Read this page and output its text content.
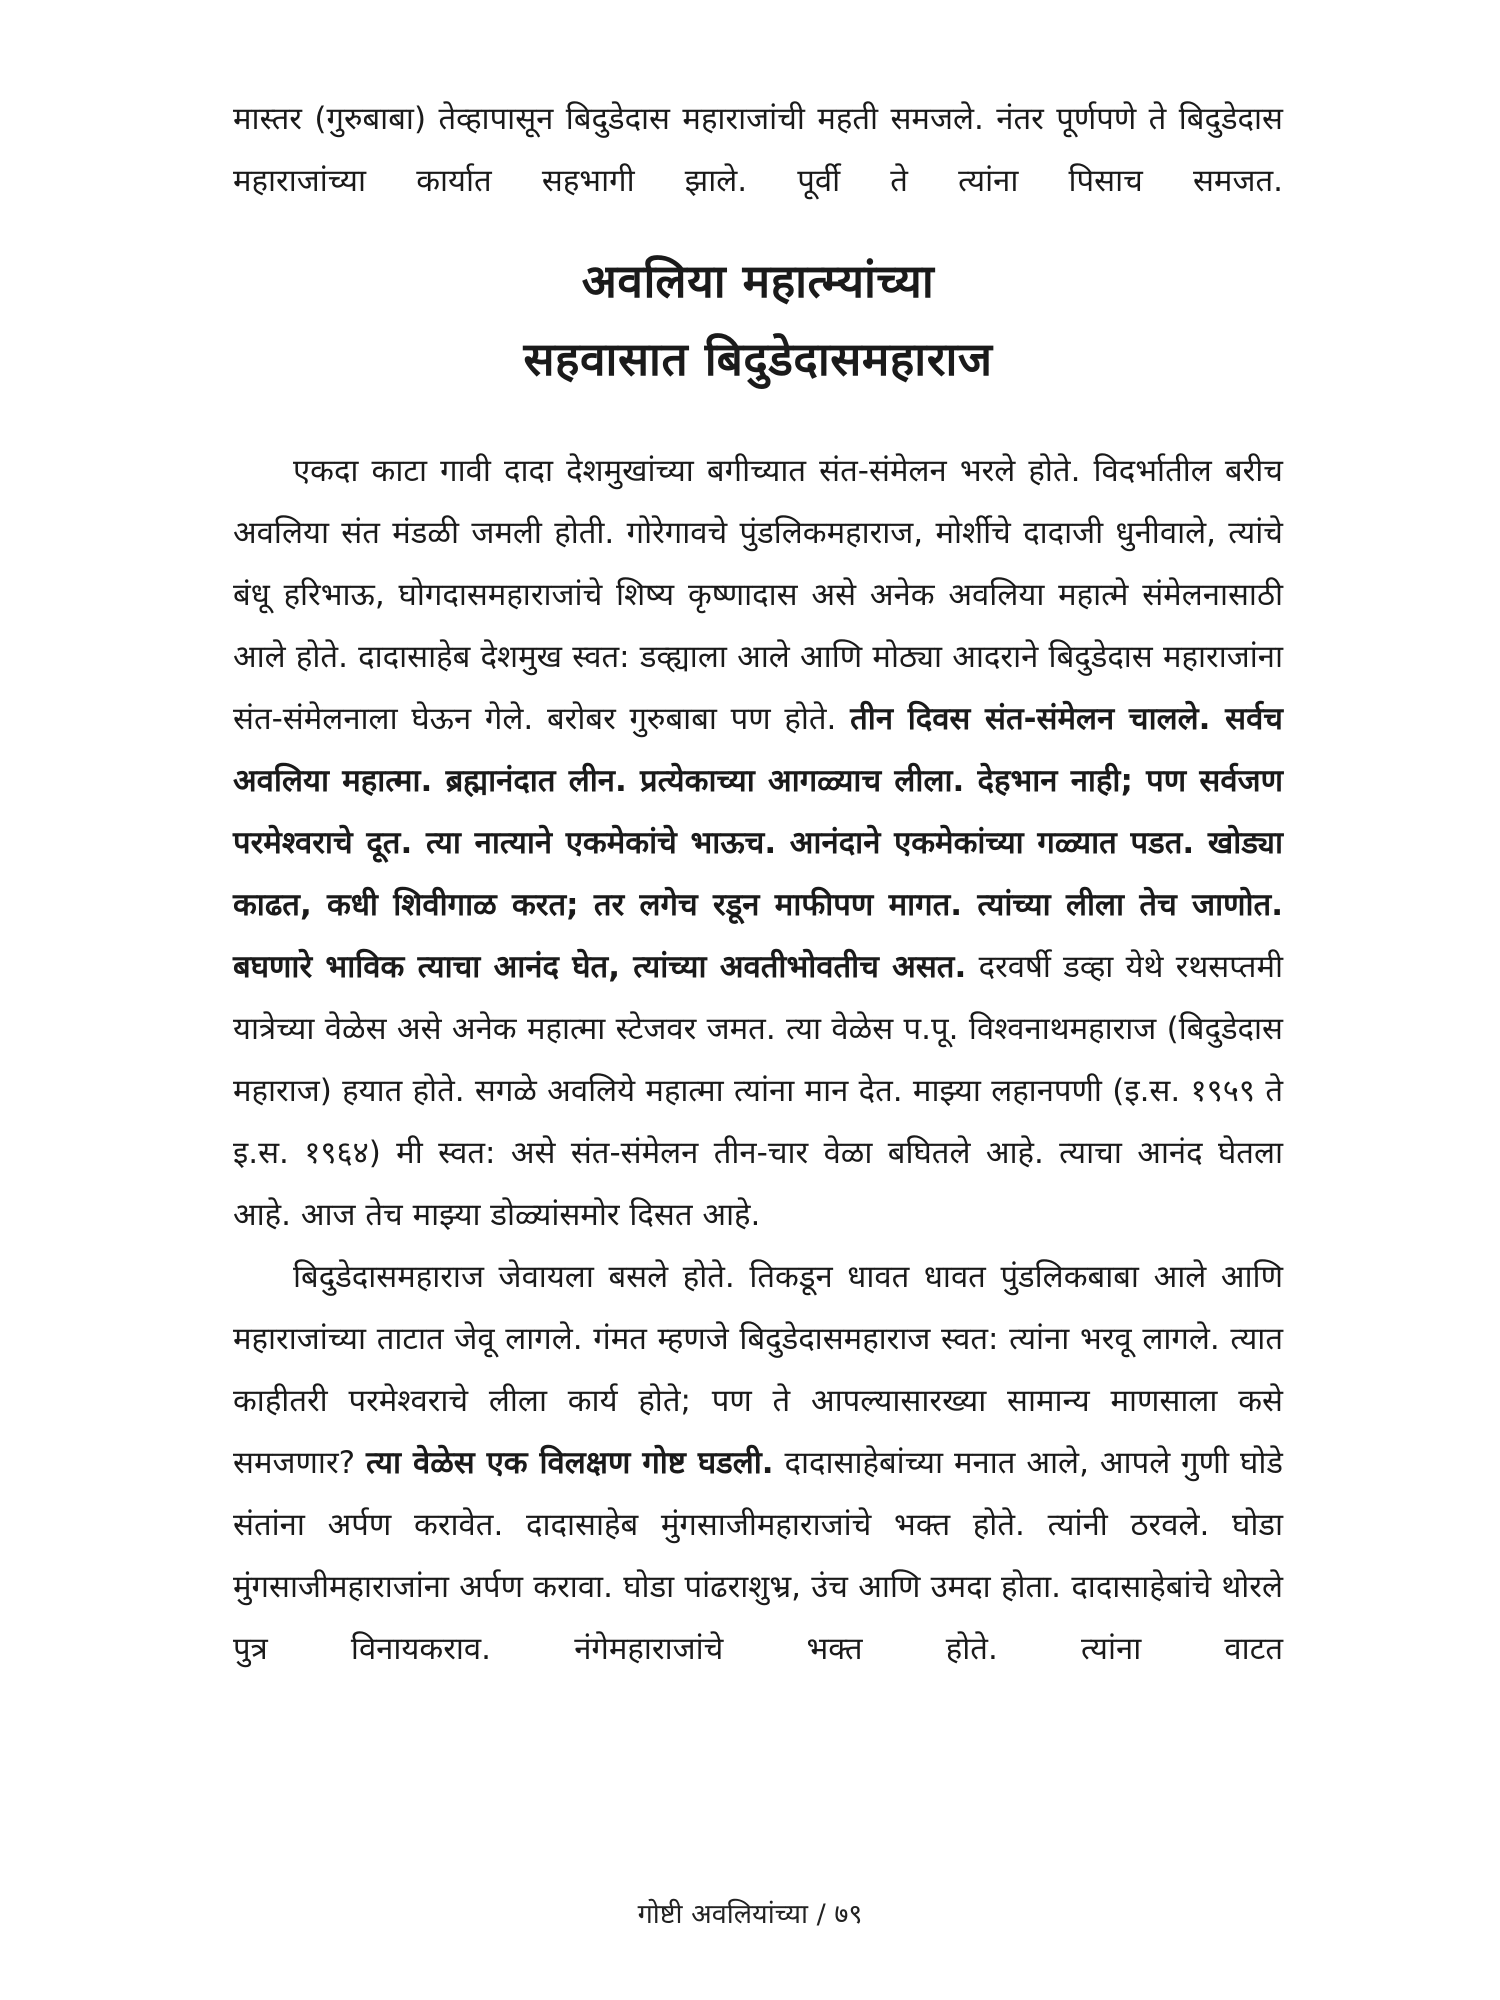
मास्तर (गुरुबाबा) तेव्हापासून बिदुडेदास महाराजांची महती समजले. नंतर पूर्णपणे ते बिदुडेदास महाराजांच्या कार्यात सहभागी झाले. पूर्वी ते त्यांना पिसाच समजत.

अवलिया महात्म्यांच्या
सहवासात बिदुडेदासमहाराज

एकदा काटा गावी दादा देशमुखांच्या बगीच्यात संत-संमेलन भरले होते. विदर्भातील बरीच अवलिया संत मंडळी जमली होती. गोरेगावचे पुंडलिकमहाराज, मोर्शीचे दादाजी धुनीवाले, त्यांचे बंधू हरिभाऊ, घोगदासमहाराजांचे शिष्य कृष्णादास असे अनेक अवलिया महात्मे संमेलनासाठी आले होते. दादासाहेब देशमुख स्वत: डव्ह्याला आले आणि मोठ्या आदराने बिदुडेदास महाराजांना संत-संमेलनाला घेऊन गेले. बरोबर गुरुबाबा पण होते. तीन दिवस संत-संमेलन चालले. सर्वच अवलिया महात्मा. ब्रह्मानंदात लीन. प्रत्येकाच्या आगळ्याच लीला. देहभान नाही; पण सर्वजण परमेश्वराचे दूत. त्या नात्याने एकमेकांचे भाऊच. आनंदाने एकमेकांच्या गळ्यात पडत. खोड्या काढत, कधी शिवीगाळ करत; तर लगेच रडून माफीपण मागत. त्यांच्या लीला तेच जाणोत. बघणारे भाविक त्याचा आनंद घेत, त्यांच्या अवतीभोवतीच असत. दरवर्षी डव्हा येथे रथसप्तमी यात्रेच्या वेळेस असे अनेक महात्मा स्टेजवर जमत. त्या वेळेस प.पू. विश्वनाथमहाराज (बिदुडेदास महाराज) हयात होते. सगळे अवलिये महात्मा त्यांना मान देत. माझ्या लहानपणी (इ.स. १९५९ ते इ.स. १९६४) मी स्वत: असे संत-संमेलन तीन-चार वेळा बघितले आहे. त्याचा आनंद घेतला आहे. आज तेच माझ्या डोळ्यांसमोर दिसत आहे.

बिदुडेदासमहाराज जेवायला बसले होते. तिकडून धावत धावत पुंडलिकबाबा आले आणि महाराजांच्या ताटात जेवू लागले. गंमत म्हणजे बिदुडेदासमहाराज स्वत: त्यांना भरवू लागले. त्यात काहीतरी परमेश्वराचे लीला कार्य होते; पण ते आपल्यासारख्या सामान्य माणसाला कसे समजणार? त्या वेळेस एक विलक्षण गोष्ट घडली. दादासाहेबांच्या मनात आले, आपले गुणी घोडे संतांना अर्पण करावेत. दादासाहेब मुंगसाजीमहाराजांचे भक्त होते. त्यांनी ठरवले. घोडा मुंगसाजीमहाराजांना अर्पण करावा. घोडा पांढराशुभ्र, उंच आणि उमदा होता. दादासाहेबांचे थोरले पुत्र विनायकराव. नंगेमहाराजांचे भक्त होते. त्यांना वाटत

गोष्टी अवलियांच्या / ७९
